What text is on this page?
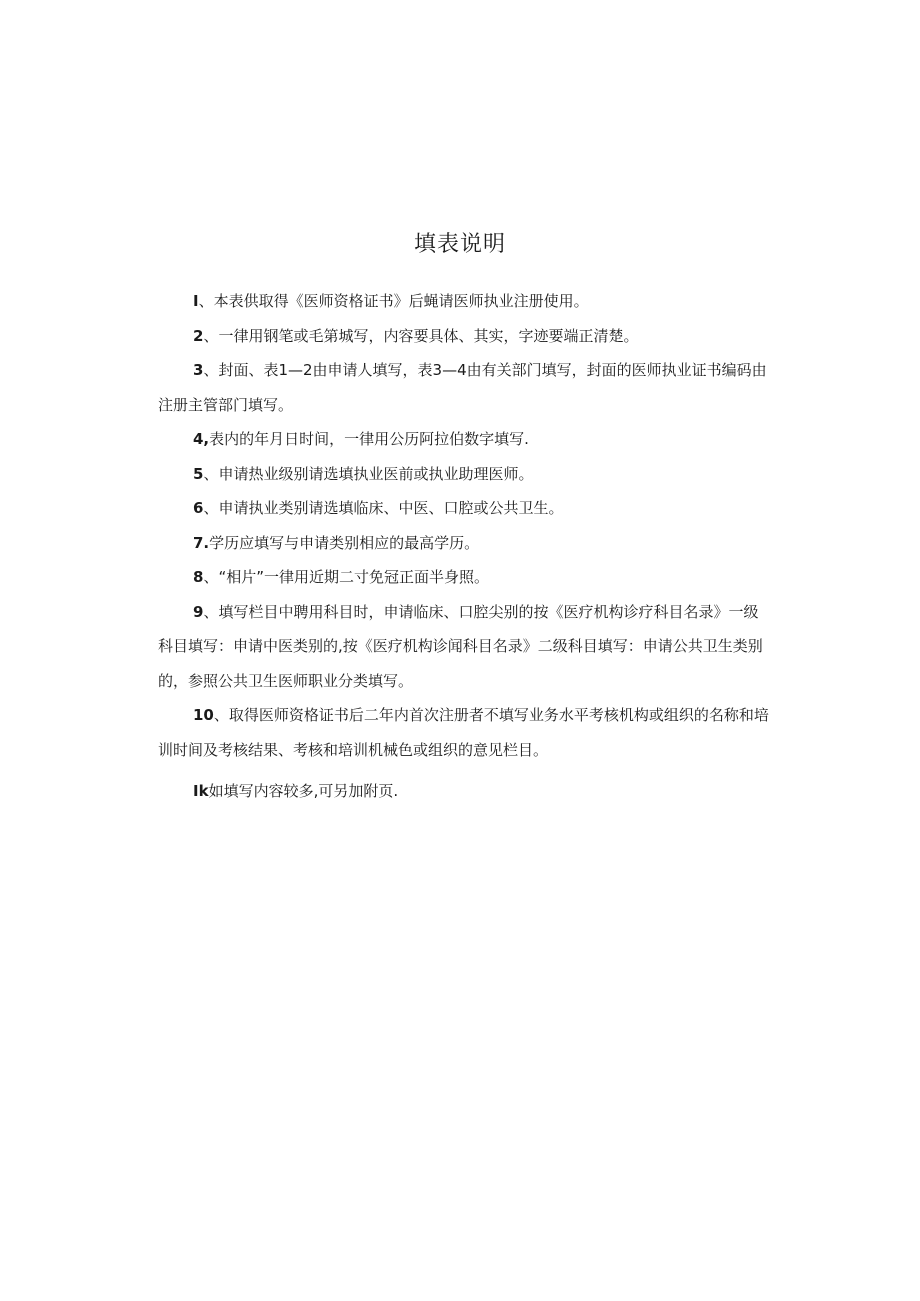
填表说明

I、本表供取得《医师资格证书》后蝇请医师执业注册使用。

2、一律用钢笔或毛第城写，内容要具体、其实，字迹要端正清楚。

3、封面、表1—2由申请人填写，表3—4由有关部门填写，封面的医师执业证书编码由注册主管部门填写。

4,表内的年月日时间，一律用公历阿拉伯数字填写.

5、申请热业级别请选填执业医前或执业助理医师。

6、申请执业类别请选填临床、中医、口腔或公共卫生。

7.学历应填写与申请类别相应的最高学历。

8、“相片”一律用近期二寸免冠正面半身照。

9、填写栏目中聘用科目时，申请临床、口腔尖别的按《医疗机构诊疗科目名录》一级科目填写：申请中医类别的,按《医疗机构诊闻科目名录》二级科目填写：申请公共卫生类别的，参照公共卫生医师职业分类填写。

10、取得医师资格证书后二年内首次注册者不填写业务水平考核机构或组织的名称和培训时间及考核结果、考核和培训机械色或组织的意见栏目。

Ik如填写内容较多,可另加附页.
